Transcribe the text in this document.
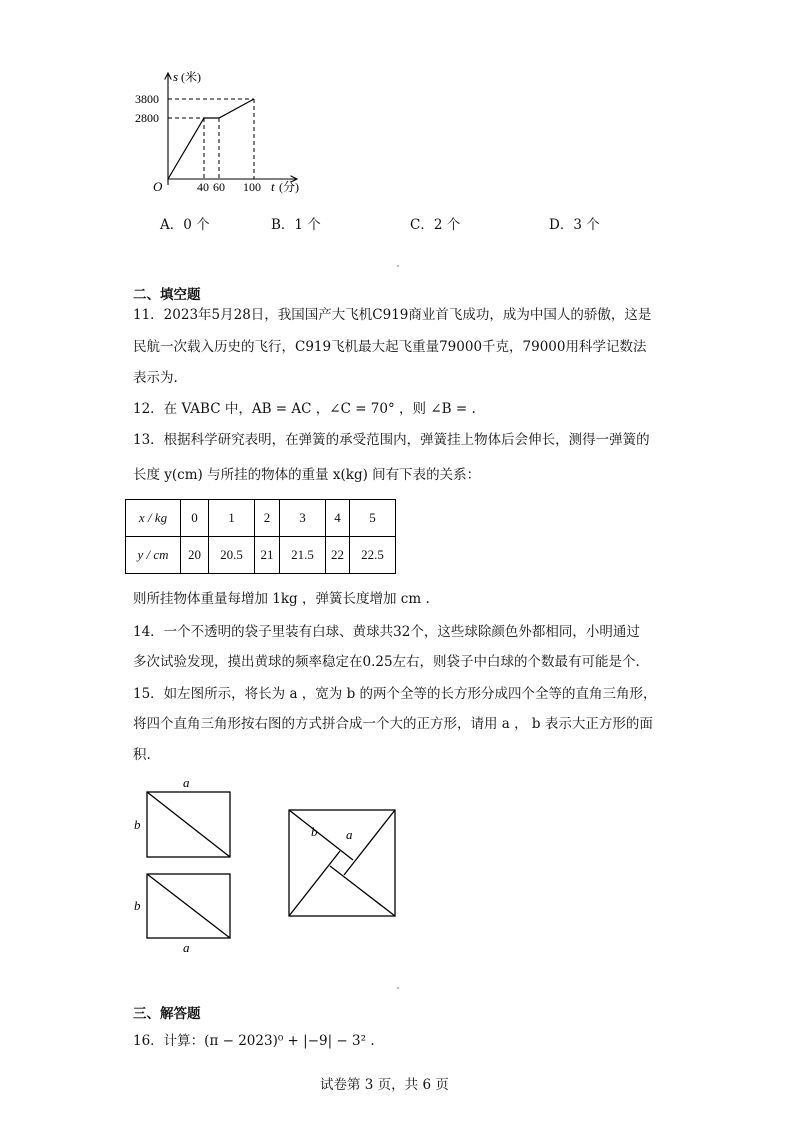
s (米)
3800
2800
O	40 60 100 t (分)
A．0 个	B．1 个	C．2 个	D．3 个
二、填空题
11．2023年5月28日，我国国产大飞机C919商业首飞成功，成为中国人的骄傲，这是
民航一次载入历史的飞行，C919飞机最大起飞重量79000千克，79000用科学记数法
表示为.
12．在 VABC 中，AB = AC ，∠C = 70° ，则 ∠B = .
13．根据科学研究表明，在弹簧的承受范围内，弹簧挂上物体后会伸长，测得一弹簧的
长度 y(cm) 与所挂的物体的重量 x(kg) 间有下表的关系：
x / kg	0	1	2	3	4	5
y / cm	20	20.5	21	21.5	22	22.5
则所挂物体重量每增加 1kg ，弹簧长度增加 cm .
14．一个不透明的袋子里装有白球、黄球共32个，这些球除颜色外都相同，小明通过
多次试验发现，摸出黄球的频率稳定在0.25左右，则袋子中白球的个数最有可能是个.
15．如左图所示，将长为 a ，宽为 b 的两个全等的长方形分成四个全等的直角三角形，
将四个直角三角形按右图的方式拼合成一个大的正方形，请用 a ， b 表示大正方形的面
积.
a
b
b
a
b a
三、解答题
16．计算：(π − 2023)⁰ + |−9| − 3² .
试卷第 3 页，共 6 页
